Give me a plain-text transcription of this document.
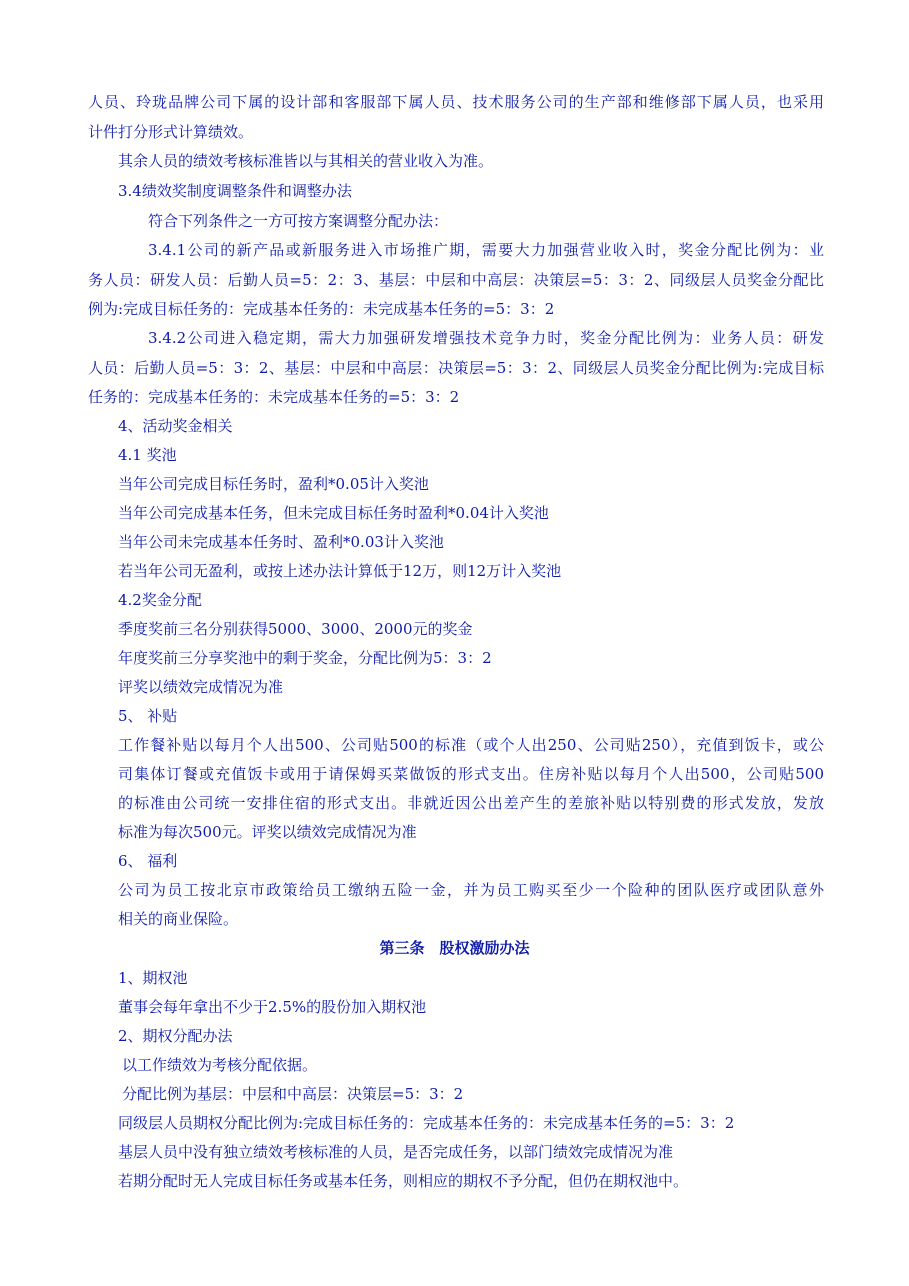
人员、玲珑品牌公司下属的设计部和客服部下属人员、技术服务公司的生产部和维修部下属人员，也采用
计件打分形式计算绩效。
其余人员的绩效考核标准皆以与其相关的营业收入为准。
3.4绩效奖制度调整条件和调整办法
符合下列条件之一方可按方案调整分配办法：
3.4.1公司的新产品或新服务进入市场推广期，需要大力加强营业收入时，奖金分配比例为：业
务人员：研发人员：后勤人员=5：2：3、基层：中层和中高层：决策层=5：3：2、同级层人员奖金分配比
例为:完成目标任务的：完成基本任务的：未完成基本任务的=5：3：2
3.4.2公司进入稳定期，需大力加强研发增强技术竞争力时，奖金分配比例为：业务人员：研发
人员：后勤人员=5：3：2、基层：中层和中高层：决策层=5：3：2、同级层人员奖金分配比例为:完成目标
任务的：完成基本任务的：未完成基本任务的=5：3：2
4、活动奖金相关
4.1 奖池
当年公司完成目标任务时，盈利*0.05计入奖池
当年公司完成基本任务，但未完成目标任务时盈利*0.04计入奖池
当年公司未完成基本任务时、盈利*0.03计入奖池
若当年公司无盈利，或按上述办法计算低于12万，则12万计入奖池
4.2奖金分配
季度奖前三名分别获得5000、3000、2000元的奖金
年度奖前三分享奖池中的剩于奖金，分配比例为5：3：2
评奖以绩效完成情况为准
5、 补贴
工作餐补贴以每月个人出500、公司贴500的标准（或个人出250、公司贴250），充值到饭卡，或公
司集体订餐或充值饭卡或用于请保姆买菜做饭的形式支出。住房补贴以每月个人出500，公司贴500
的标准由公司统一安排住宿的形式支出。非就近因公出差产生的差旅补贴以特别费的形式发放，发放
标准为每次500元。评奖以绩效完成情况为准
6、 福利
公司为员工按北京市政策给员工缴纳五险一金，并为员工购买至少一个险种的团队医疗或团队意外
相关的商业保险。
第三条　股权激励办法
1、期权池
董事会每年拿出不少于2.5%的股份加入期权池
2、期权分配办法
以工作绩效为考核分配依据。
分配比例为基层：中层和中高层：决策层=5：3：2
同级层人员期权分配比例为:完成目标任务的：完成基本任务的：未完成基本任务的=5：3：2
基层人员中没有独立绩效考核标准的人员，是否完成任务，以部门绩效完成情况为准
若期分配时无人完成目标任务或基本任务，则相应的期权不予分配，但仍在期权池中。
